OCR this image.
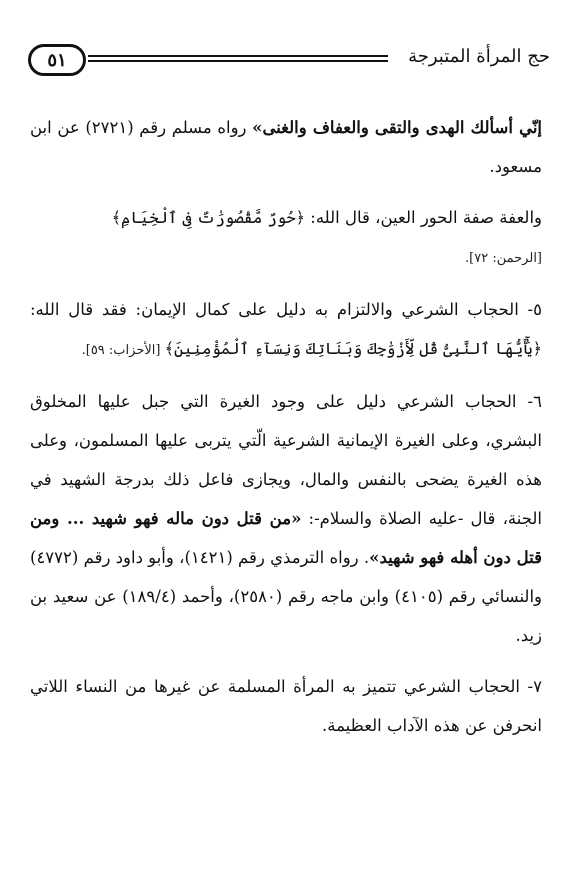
٥١	حج المرأة المتبرجة

إنّي أسألك الهدى والتقى والعفاف والغنى» رواه مسلم رقم (٢٧٢١) عن ابن مسعود.

والعفة صفة الحور العين، قال الله: ﴿حُورٌ مَّقْصُورَٰتٌ فِى ٱلْخِيَامِ﴾

[الرحمن: ٧٢].

٥- الحجاب الشرعي والالتزام به دليل على كمال الإيمان: فقد قال الله: ﴿يَٰٓأَيُّهَا ٱلنَّبِىُّ قُل لِّأَزْوَٰجِكَ وَبَنَاتِكَ وَنِسَآءِ ٱلْمُؤْمِنِينَ﴾ [الأحزاب: ٥٩].

٦- الحجاب الشرعي دليل على وجود الغيرة التي جبل عليها المخلوق البشري، وعلى الغيرة الإيمانية الشرعية الّتي يتربى عليها المسلمون، وعلى هذه الغيرة يضحى بالنفس والمال، ويجازى فاعل ذلك بدرجة الشهيد في الجنة، قال -عليه الصلاة والسلام-: «من قتل دون ماله فهو شهيد ... ومن قتل دون أهله فهو شهيد». رواه الترمذي رقم (١٤٢١)، وأبو داود رقم (٤٧٧٢) والنسائي رقم (٤١٠٥) وابن ماجه رقم (٢٥٨٠)، وأحمد (١٨٩/٤) عن سعيد بن زيد.

٧- الحجاب الشرعي تتميز به المرأة المسلمة عن غيرها من النساء اللاتي انحرفن عن هذه الآداب العظيمة.
